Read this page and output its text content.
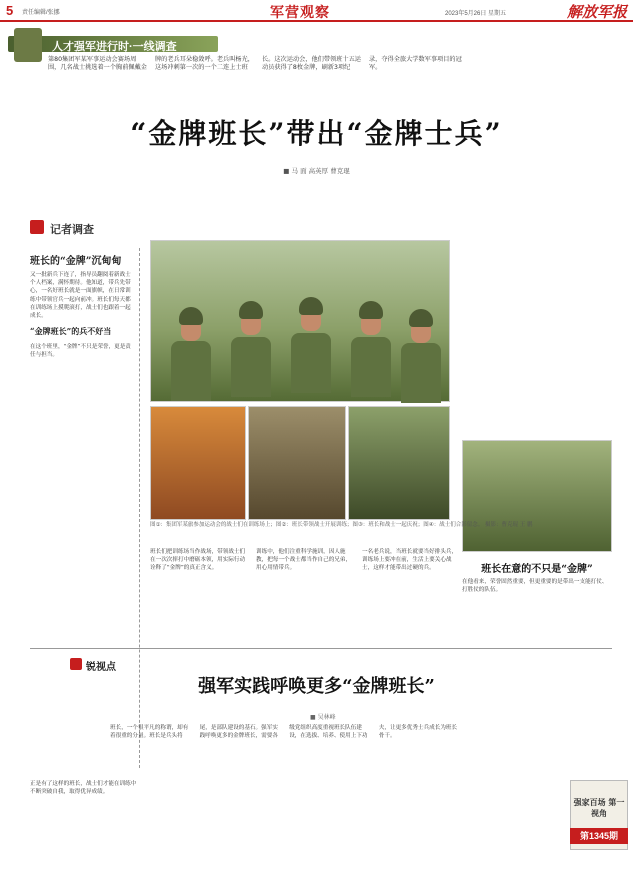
5 责任编辑/张挪	军营观察	2023年5月26日 星期五	解放军报
人才强军进行时·一线调查
第80集团军某军事运动会赛场周围，几名战士挑选着一个胸前佩戴金牌的老兵耳朵稳敛呼。老兵叫杨光，这场冲刺第一次的一个二连上士班长。这次运动会，他们带领班十五运动员获得了8枚金牌，刷新3项纪录，夺得全旅大学数军事项目的冠军。
“金牌班长”带出“金牌士兵”
■ 马 面 高英厚 曹克琨
记者调查
班长的“金牌”沉甸甸
又一批新兵下连了，指导员翻阅着新战士个人档案，满怀期待。他知道，带兵先带心，一名好班长就是一面旗帜，在日常训练中带领官兵一起向前冲。班长们每天都在训练场上摸爬滚打，战士们也跟着一起成长。
“金牌班长”的兵不好当
在这个班里，“金牌”不只是荣誉，更是责任与担当。
图①：集团军某旅参加运动会的战士们在训练场上；图②：班长带领战士开展训练；图③：班长和战士一起庆祝；图④：战士们合影留念。 摄影：曹克琨 王 鹏
班长们把训练场当作战场，带领战士们在一次次摔打中磨砺本领，用实际行动诠释了“金牌”的真正含义。
训练中，他们注重科学施训，因人施教，把每一个战士都当作自己的兄弟，用心用情带兵。
一名老兵说，当班长就要当好排头兵，训练场上要冲在前，生活上要关心战士，这样才能带出过硬的兵。	班长在意的不只是“金牌”
在他看来，荣誉固然重要，但更重要的是带出一支能打仗、打胜仗的队伍。
锐视点
强军实践呼唤更多“金牌班长”
■ 吴林峰
班长，一个很平凡的称谓，却有着很重的分量。班长是兵头将尾，是部队建设的基石。强军实践呼唤更多的金牌班长，需要各级党组织高度重视班长队伍建设，在选拔、培养、使用上下功夫，让更多优秀士兵成长为班长骨干。
正是有了这样的班长，战士们才能在训练中不断突破自我，取得优异成绩。
强家百场 第一视角
第1345期
